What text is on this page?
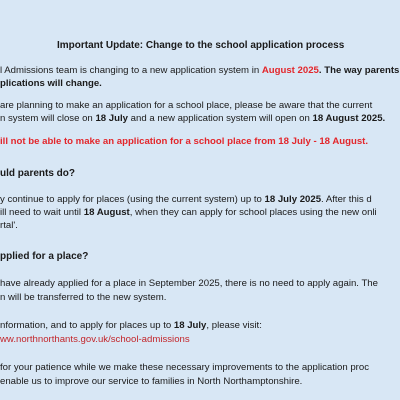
Important Update: Change to the school application process
l Admissions team is changing to a new application system in August 2025. The way parents
plications will change.
are planning to make an application for a school place, please be aware that the current
n system will close on 18 July and a new application system will open on 18 August 2025.
ill not be able to make an application for a school place from 18 July - 18 August.
uld parents do?
y continue to apply for places (using the current system) up to 18 July 2025. After this d
ill need to wait until 18 August, when they can apply for school places using the new onli
rtal'.
pplied for a place?
have already applied for a place in September 2025, there is no need to apply again. The
n will be transferred to the new system.
nformation, and to apply for places up to 18 July, please visit:
ww.northnorthants.gov.uk/school-admissions
for your patience while we make these necessary improvements to the application proc
enable us to improve our service to families in North Northamptonshire.
